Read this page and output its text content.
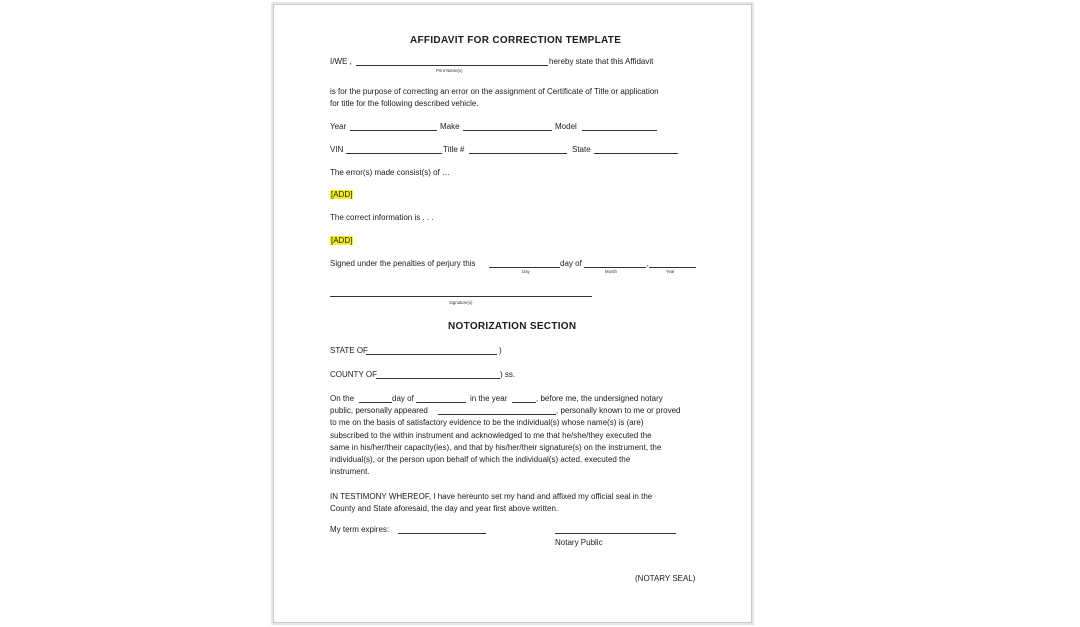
AFFIDAVIT FOR CORRECTION TEMPLATE
I/WE ,	hereby state that this Affidavit
Print Name(s)
is for the purpose of correcting an error on the assignment of Certificate of Title or application
for title for the following described vehicle.
Year	Make	Model
VIN	Title #	State
The error(s) made consist(s) of …
[ADD]
The correct information is . . .
[ADD]
Signed under the penalties of perjury this	day of	,
Day	Month	Year
Signature(s)
NOTORIZATION SECTION
STATE OF	)
COUNTY OF	) ss.
On the	day of	in the year	, before me, the undersigned notary
public, personally appeared	, personally known to me or proved
to me on the basis of satisfactory evidence to be the individual(s) whose name(s) is (are)
subscribed to the within instrument and acknowledged to me that he/she/they executed the
same in his/her/their capacity(ies), and that by his/her/their signature(s) on the instrument, the
individual(s), or the person upon behalf of which the individual(s) acted, executed the
instrument.
IN TESTIMONY WHEREOF, I have hereunto set my hand and affixed my official seal in the
County and State aforesaid, the day and year first above written.
My term expires:
Notary Public
(NOTARY SEAL)
